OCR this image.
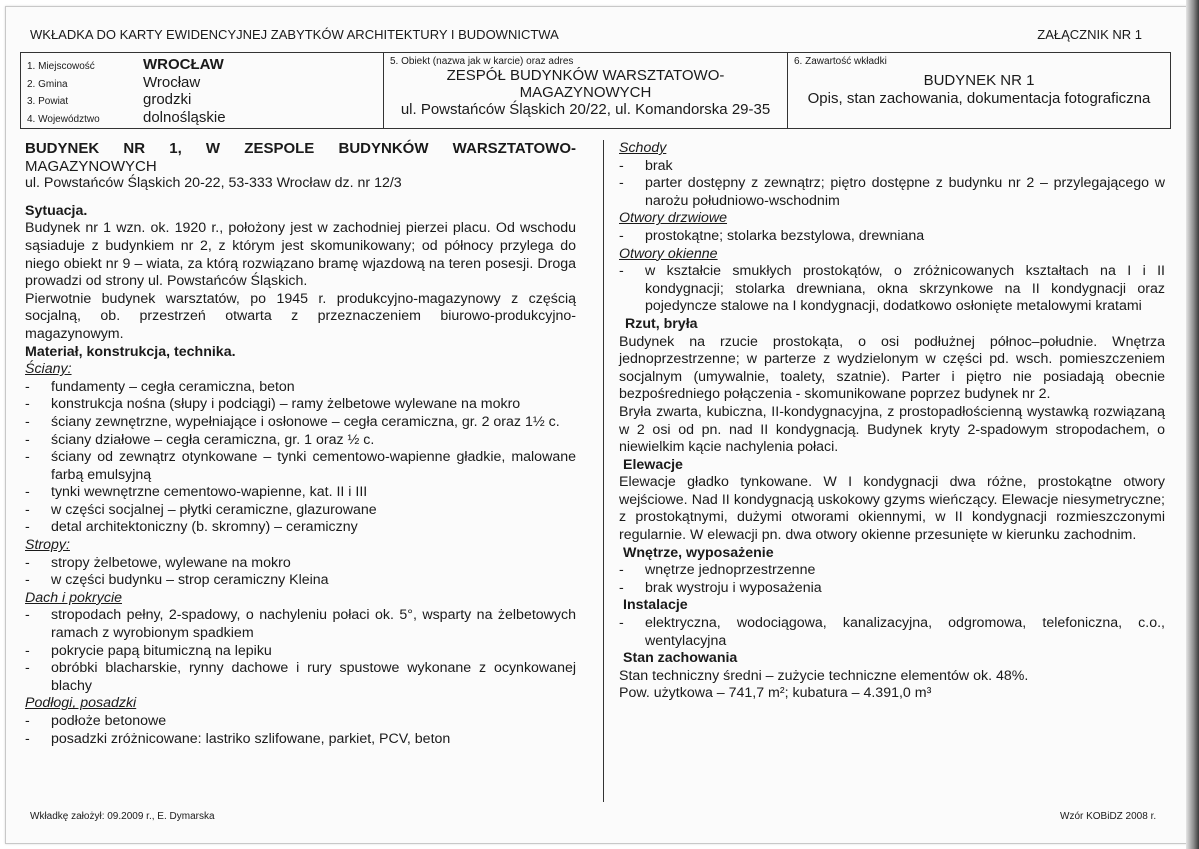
WKŁADKA DO KARTY EWIDENCYJNEJ ZABYTKÓW ARCHITEKTURY I BUDOWNICTWA	ZAŁĄCZNIK NR 1
1. Miejscowość	WROCŁAW
2. Gmina	Wrocław
3. Powiat	grodzki
4. Województwo	dolnośląskie
5. Obiekt (nazwa jak w karcie) oraz adres
ZESPÓŁ BUDYNKÓW WARSZTATOWO-
MAGAZYNOWYCH
ul. Powstańców Śląskich 20/22, ul. Komandorska 29-35
6. Zawartość wkładki
BUDYNEK NR 1
Opis, stan zachowania, dokumentacja fotograficzna

BUDYNEK NR 1, W ZESPOLE BUDYNKÓW WARSZTATOWO-

MAGAZYNOWYCH

ul. Powstańców Śląskich 20-22, 53-333 Wrocław dz. nr 12/3

Sytuacja.

Budynek nr 1 wzn. ok. 1920 r., położony jest w zachodniej pierzei placu. Od wschodu sąsiaduje z budynkiem nr 2, z którym jest skomunikowany; od północy przylega do niego obiekt nr 9 – wiata, za którą rozwiązano bramę wjazdową na teren posesji. Droga prowadzi od strony ul. Powstańców Śląskich.

Pierwotnie budynek warsztatów, po 1945 r. produkcyjno-magazynowy z częścią socjalną, ob. przestrzeń otwarta z przeznaczeniem biurowo-produkcyjno-magazynowym.

Materiał, konstrukcja, technika.

Ściany:

-	fundamenty – cegła ceramiczna, beton
-	konstrukcja nośna (słupy i podciągi) – ramy żelbetowe wylewane na mokro
-	ściany zewnętrzne, wypełniające i osłonowe – cegła ceramiczna, gr. 2 oraz 1½ c.
-	ściany działowe – cegła ceramiczna, gr. 1 oraz ½ c.
-	ściany od zewnątrz otynkowane – tynki cementowo-wapienne gładkie, malowane farbą emulsyjną
-	tynki wewnętrzne cementowo-wapienne, kat. II i III
-	w części socjalnej – płytki ceramiczne, glazurowane
-	detal architektoniczny (b. skromny) – ceramiczny

Stropy:

-	stropy żelbetowe, wylewane na mokro
-	w części budynku – strop ceramiczny Kleina

Dach i pokrycie

-	stropodach pełny, 2-spadowy, o nachyleniu połaci ok. 5°, wsparty na żelbetowych ramach z wyrobionym spadkiem
-	pokrycie papą bitumiczną na lepiku
-	obróbki blacharskie, rynny dachowe i rury spustowe wykonane z ocynkowanej blachy

Podłogi, posadzki

-	podłoże betonowe
-	posadzki zróżnicowane: lastriko szlifowane, parkiet, PCV, beton

Schody

-	brak
-	parter dostępny z zewnątrz; piętro dostępne z budynku nr 2 – przylegającego w narożu południowo-wschodnim

Otwory drzwiowe

-	prostokątne; stolarka bezstylowa, drewniana

Otwory okienne

-	w kształcie smukłych prostokątów, o zróżnicowanych kształtach na I i II kondygnacji; stolarka drewniana, okna skrzynkowe na II kondygnacji oraz pojedyncze stalowe na I kondygnacji, dodatkowo osłonięte metalowymi kratami

Rzut, bryła

Budynek na rzucie prostokąta, o osi podłużnej północ–południe. Wnętrza jednoprzestrzenne; w parterze z wydzielonym w części pd. wsch. pomieszczeniem socjalnym (umywalnie, toalety, szatnie). Parter i piętro nie posiadają obecnie bezpośredniego połączenia - skomunikowane poprzez budynek nr 2.

Bryła zwarta, kubiczna, II-kondygnacyjna, z prostopadłościenną wystawką rozwiązaną w 2 osi od pn. nad II kondygnacją. Budynek kryty 2-spadowym stropodachem, o niewielkim kącie nachylenia połaci.

Elewacje

Elewacje gładko tynkowane. W I kondygnacji dwa różne, prostokątne otwory wejściowe. Nad II kondygnacją uskokowy gzyms wieńczący. Elewacje niesymetryczne; z prostokątnymi, dużymi otworami okiennymi, w II kondygnacji rozmieszczonymi regularnie. W elewacji pn. dwa otwory okienne przesunięte w kierunku zachodnim.

Wnętrze, wyposażenie

-	wnętrze jednoprzestrzenne
-	brak wystroju i wyposażenia

Instalacje

-	elektryczna, wodociągowa, kanalizacyjna, odgromowa, telefoniczna, c.o., wentylacyjna

Stan zachowania

Stan techniczny średni – zużycie techniczne elementów ok. 48%.

Pow. użytkowa – 741,7 m²; kubatura – 4.391,0 m³

Wkładkę założył: 09.2009 r., E. Dymarska	Wzór KOBiDZ 2008 r.
